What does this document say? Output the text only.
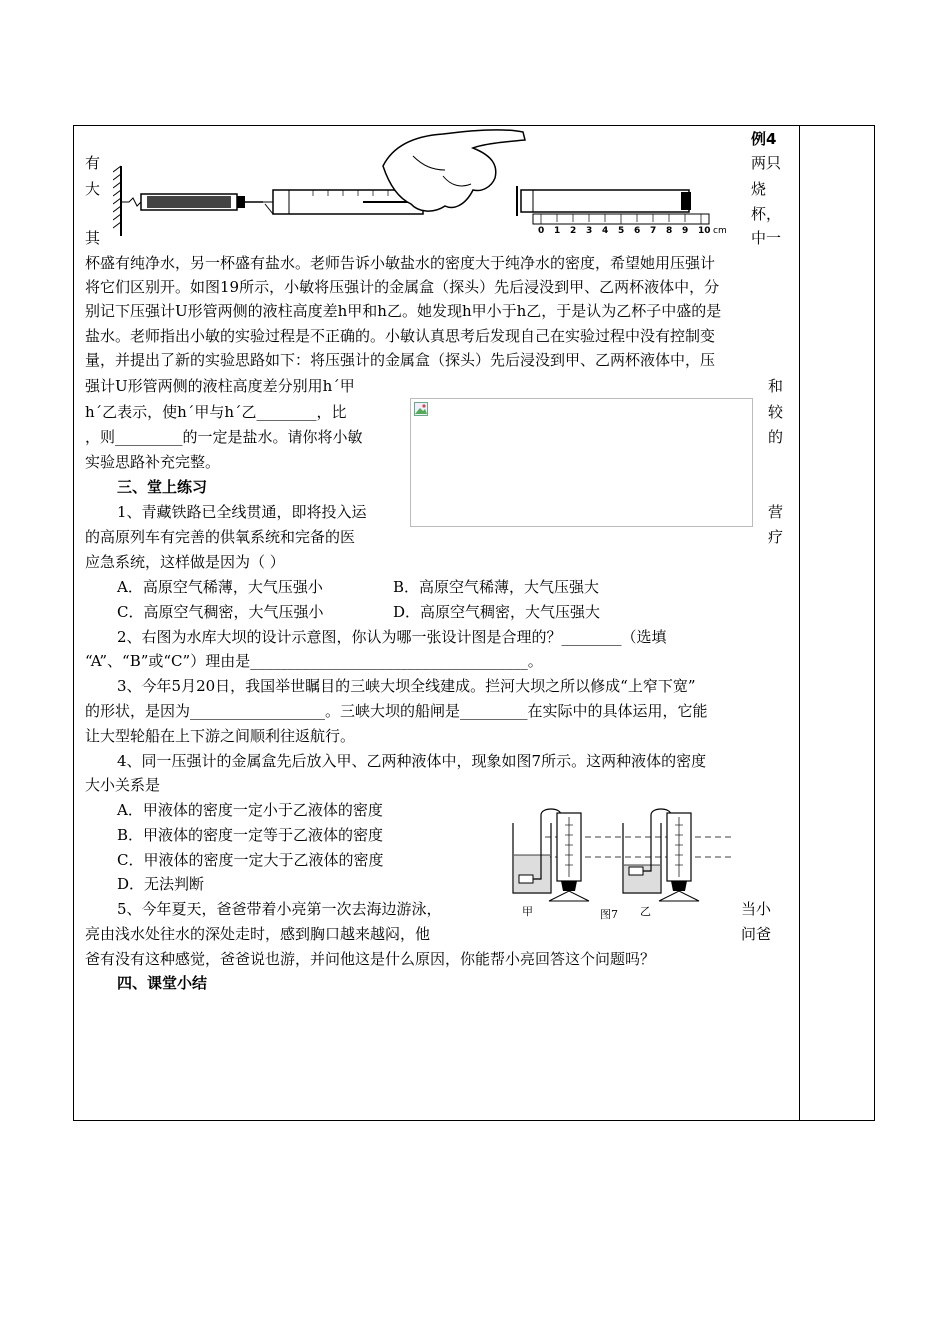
0 1 2 3 4 5 6 7 8 9 10 cm
例4
两只
烧
杯，
中一
有
大
其
杯盛有纯净水，另一杯盛有盐水。老师告诉小敏盐水的密度大于纯净水的密度，希望她用压强计
将它们区别开。如图19所示，小敏将压强计的金属盒（探头）先后浸没到甲、乙两杯液体中，分
别记下压强计U形管两侧的液柱高度差h甲和h乙。她发现h甲小于h乙，于是认为乙杯子中盛的是
盐水。老师指出小敏的实验过程是不正确的。小敏认真思考后发现自己在实验过程中没有控制变
量，并提出了新的实验思路如下：将压强计的金属盒（探头）先后浸没到甲、乙两杯液体中，压
强计U形管两侧的液柱高度差分别用h´甲	和
h´乙表示，使h´甲与h´乙________，比	较
，则_________的一定是盐水。请你将小敏	的
实验思路补充完整。
三、堂上练习
1、青藏铁路已全线贯通，即将投入运	营
的高原列车有完善的供氧系统和完备的医	疗
应急系统，这样做是因为（ ）
A．高原空气稀薄，大气压强小	B．高原空气稀薄，大气压强大
C．高原空气稠密，大气压强小	D．高原空气稠密，大气压强大
2、右图为水库大坝的设计示意图，你认为哪一张设计图是合理的？________（选填
“A”、“B”或“C”）理由是_____________________________________。
3、今年5月20日，我国举世瞩目的三峡大坝全线建成。拦河大坝之所以修成“上窄下宽”
的形状，是因为__________________。三峡大坝的船闸是_________在实际中的具体运用，它能
让大型轮船在上下游之间顺利往返航行。
4、同一压强计的金属盒先后放入甲、乙两种液体中，现象如图7所示。这两种液体的密度
大小关系是
A．甲液体的密度一定小于乙液体的密度
B．甲液体的密度一定等于乙液体的密度
C．甲液体的密度一定大于乙液体的密度
D．无法判断
甲	图7 乙
5、今年夏天，爸爸带着小亮第一次去海边游泳，	当小
亮由浅水处往水的深处走时，感到胸口越来越闷，他	问爸
爸有没有这种感觉，爸爸说也游，并问他这是什么原因，你能帮小亮回答这个问题吗？
四、课堂小结
